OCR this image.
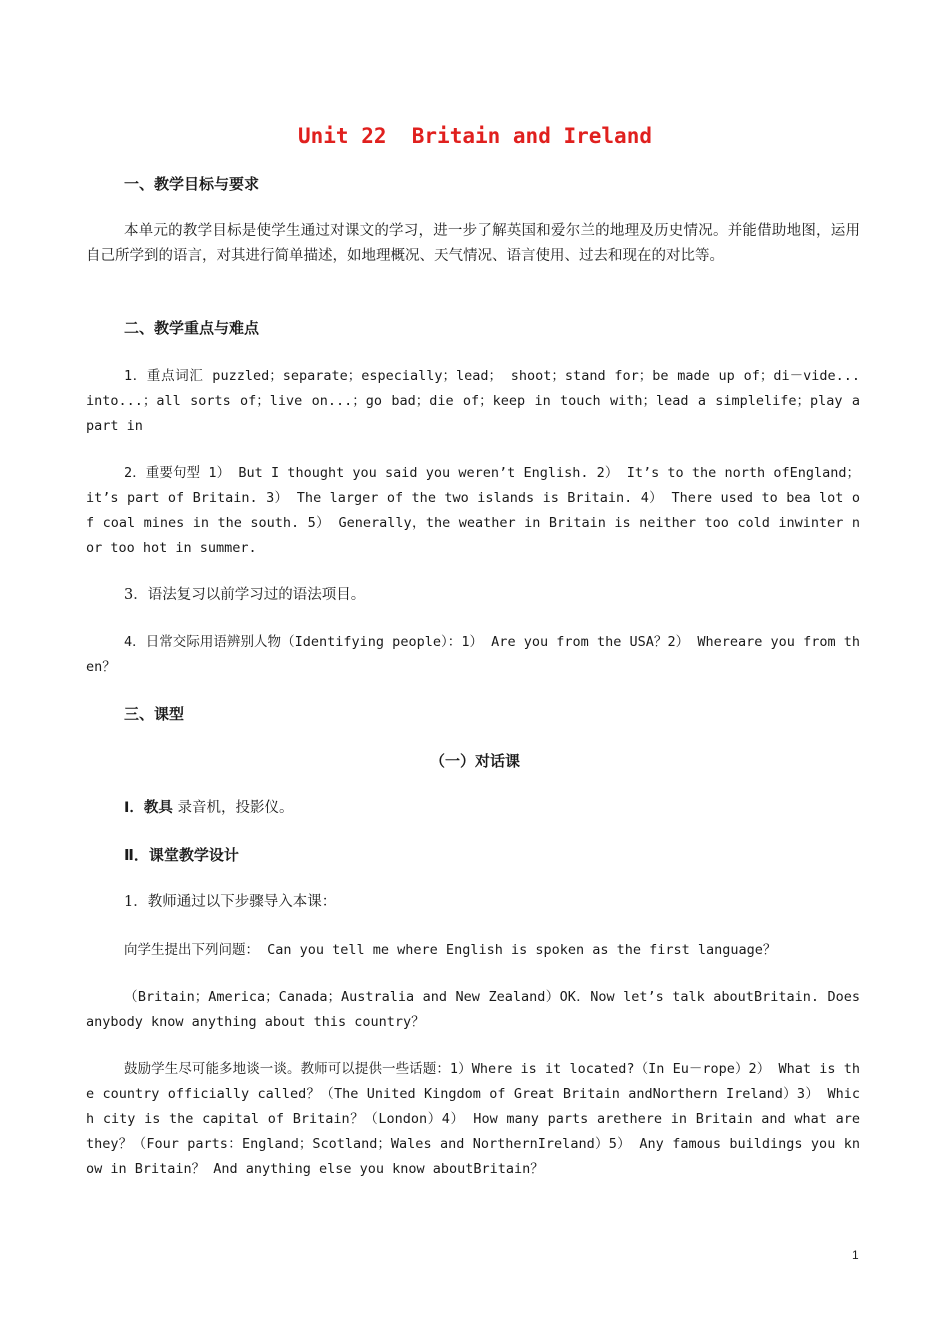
Unit 22  Britain and Ireland
一、教学目标与要求
本单元的教学目标是使学生通过对课文的学习，进一步了解英国和爱尔兰的地理及历史情况。并能借助地图，运用自己所学到的语言，对其进行简单描述，如地理概况、天气情况、语言使用、过去和现在的对比等。
二、教学重点与难点
1．重点词汇 puzzled；separate；especially；lead； shoot；stand for；be made up of；di－vide...into...；all sorts of；live on...；go bad；die of；keep in touch with；lead a simplelife；play a part in
2．重要句型 1） But I thought you said you weren’t English. 2） It’s to the north ofEngland；it’s part of Britain. 3） The larger of the two islands is Britain. 4） There used to bea lot of coal mines in the south. 5） Generally，the weather in Britain is neither too cold inwinter nor too hot in summer.
3．语法复习以前学习过的语法项目。
4．日常交际用语辨别人物（Identifying people）：1） Are you from the USA？2） Whereare you from then？
三、课型
（一）对话课
Ⅰ．教具 录音机，投影仪。
Ⅱ．课堂教学设计
1．教师通过以下步骤导入本课：
向学生提出下列问题： Can you tell me where English is spoken as the first language？
（Britain；America；Canada；Australia and New Zealand）OK．Now let’s talk aboutBritain. Does anybody know anything about this country？
鼓励学生尽可能多地谈一谈。教师可以提供一些话题：1）Where is it located?（In Eu－rope）2） What is the country officially called？（The United Kingdom of Great Britain andNorthern Ireland）3） Which city is the capital of Britain？（London）4） How many parts arethere in Britain and what are they？（Four parts：England；Scotland；Wales and NorthernIreland）5） Any famous buildings you know in Britain？ And anything else you know aboutBritain？
1
